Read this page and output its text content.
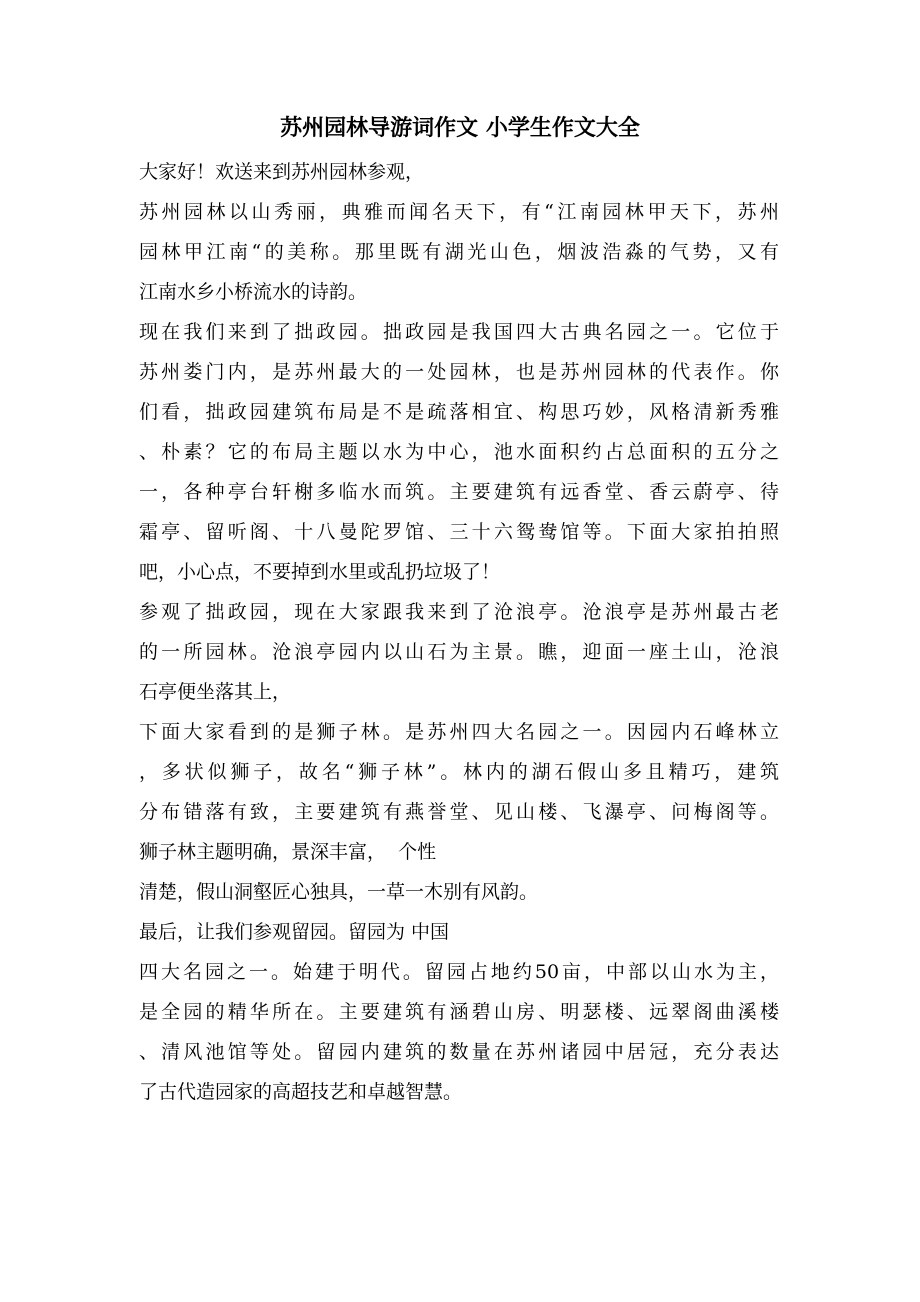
苏州园林导游词作文 小学生作文大全
大家好！欢送来到苏州园林参观，
苏州园林以山秀丽，典雅而闻名天下，有“江南园林甲天下，苏州
园林甲江南“的美称。那里既有湖光山色，烟波浩淼的气势，又有
江南水乡小桥流水的诗韵。
现在我们来到了拙政园。拙政园是我国四大古典名园之一。它位于
苏州娄门内，是苏州最大的一处园林，也是苏州园林的代表作。你
们看，拙政园建筑布局是不是疏落相宜、构思巧妙，风格清新秀雅
、朴素？它的布局主题以水为中心，池水面积约占总面积的五分之
一，各种亭台轩榭多临水而筑。主要建筑有远香堂、香云蔚亭、待
霜亭、留听阁、十八曼陀罗馆、三十六鸳鸯馆等。下面大家拍拍照
吧，小心点，不要掉到水里或乱扔垃圾了！
参观了拙政园，现在大家跟我来到了沧浪亭。沧浪亭是苏州最古老
的一所园林。沧浪亭园内以山石为主景。瞧，迎面一座土山，沧浪
石亭便坐落其上，
下面大家看到的是狮子林。是苏州四大名园之一。因园内石峰林立
，多状似狮子，故名“狮子林”。林内的湖石假山多且精巧，建筑
分布错落有致，主要建筑有燕誉堂、见山楼、飞瀑亭、问梅阁等。
狮子林主题明确，景深丰富，  个性
清楚，假山洞壑匠心独具，一草一木别有风韵。
最后，让我们参观留园。留园为 中国
四大名园之一。始建于明代。留园占地约50亩，中部以山水为主，
是全园的精华所在。主要建筑有涵碧山房、明瑟楼、远翠阁曲溪楼
、清风池馆等处。留园内建筑的数量在苏州诸园中居冠，充分表达
了古代造园家的高超技艺和卓越智慧。
